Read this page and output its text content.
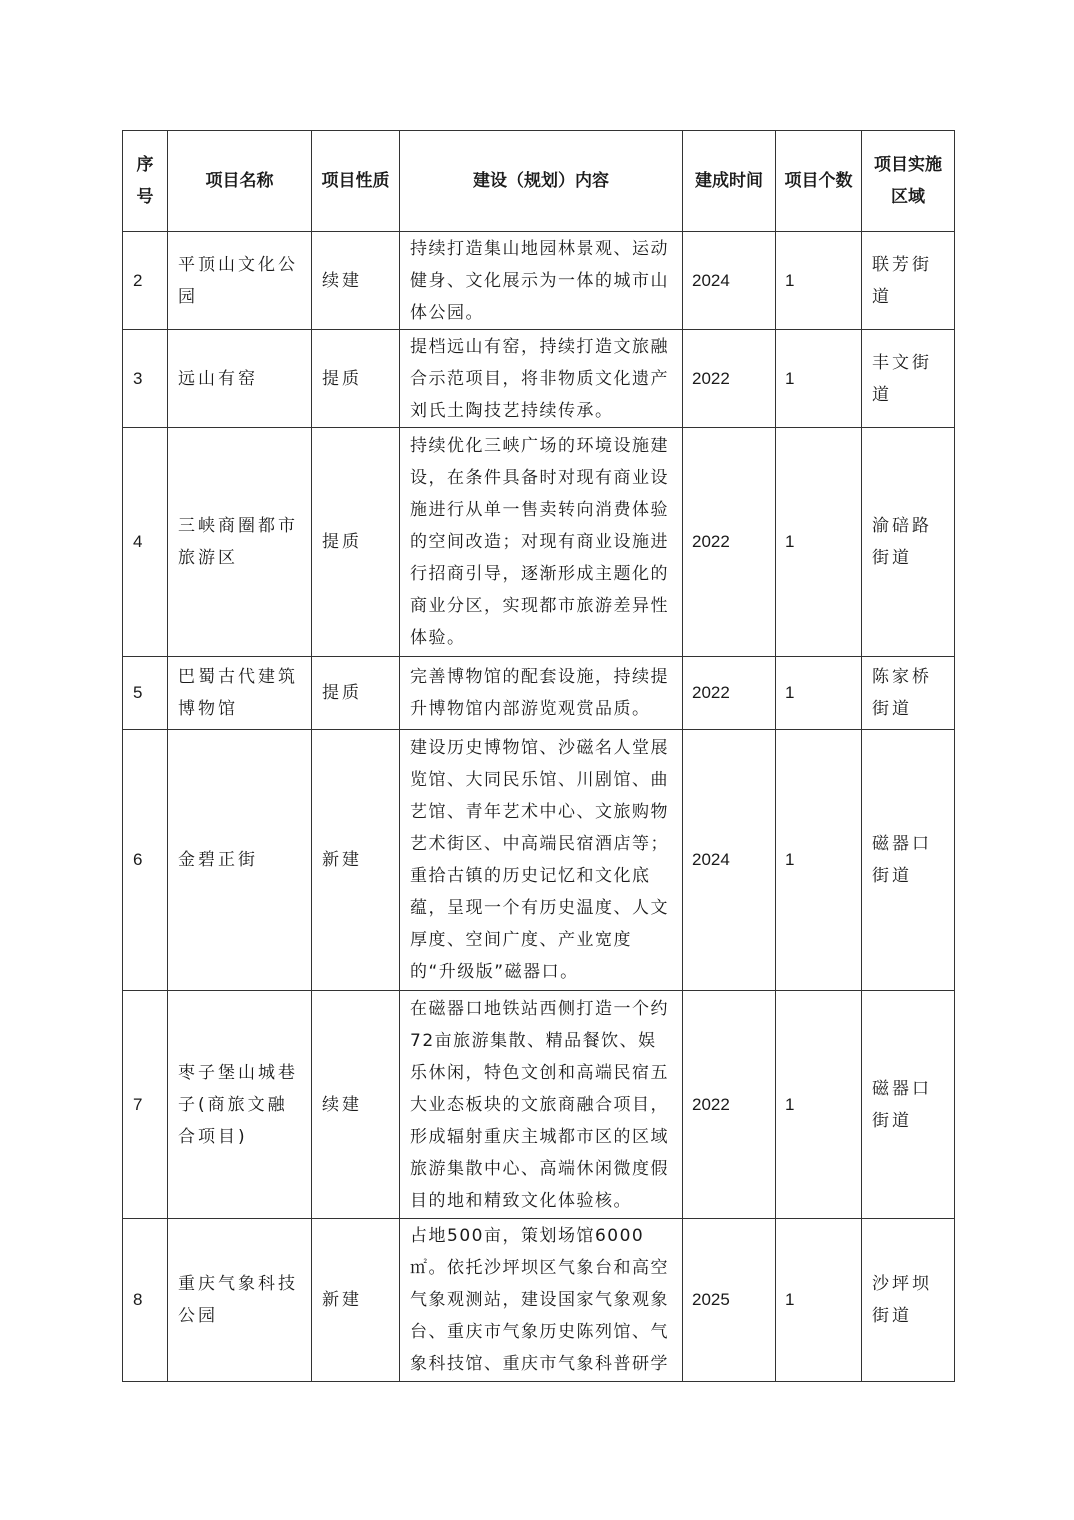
序号	项目名称	项目性质	建设（规划）内容	建成时间	项目个数	项目实施区域
2	平顶山文化公园	续建	持续打造集山地园林景观、运动健身、文化展示为一体的城市山体公园。	2024	1	联芳街道
3	远山有窑	提质	提档远山有窑，持续打造文旅融合示范项目，将非物质文化遗产刘氏土陶技艺持续传承。	2022	1	丰文街道
4	三峡商圈都市旅游区	提质	持续优化三峡广场的环境设施建设，在条件具备时对现有商业设施进行从单一售卖转向消费体验的空间改造；对现有商业设施进行招商引导，逐渐形成主题化的商业分区，实现都市旅游差异性体验。	2022	1	渝碚路街道
5	巴蜀古代建筑博物馆	提质	完善博物馆的配套设施，持续提升博物馆内部游览观赏品质。	2022	1	陈家桥街道
6	金碧正街	新建	建设历史博物馆、沙磁名人堂展览馆、大同民乐馆、川剧馆、曲艺馆、青年艺术中心、文旅购物艺术街区、中高端民宿酒店等；重拾古镇的历史记忆和文化底蕴，呈现一个有历史温度、人文厚度、空间广度、产业宽度的“升级版”磁器口。	2024	1	磁器口街道
7	枣子堡山城巷子(商旅文融合项目)	续建	在磁器口地铁站西侧打造一个约72亩旅游集散、精品餐饮、娱乐休闲，特色文创和高端民宿五大业态板块的文旅商融合项目，形成辐射重庆主城都市区的区域旅游集散中心、高端休闲微度假目的地和精致文化体验核。	2022	1	磁器口街道
8	重庆气象科技公园	新建	占地500亩，策划场馆6000㎡。依托沙坪坝区气象台和高空气象观测站，建设国家气象观象台、重庆市气象历史陈列馆、气象科技馆、重庆市气象科普研学	2025	1	沙坪坝街道
